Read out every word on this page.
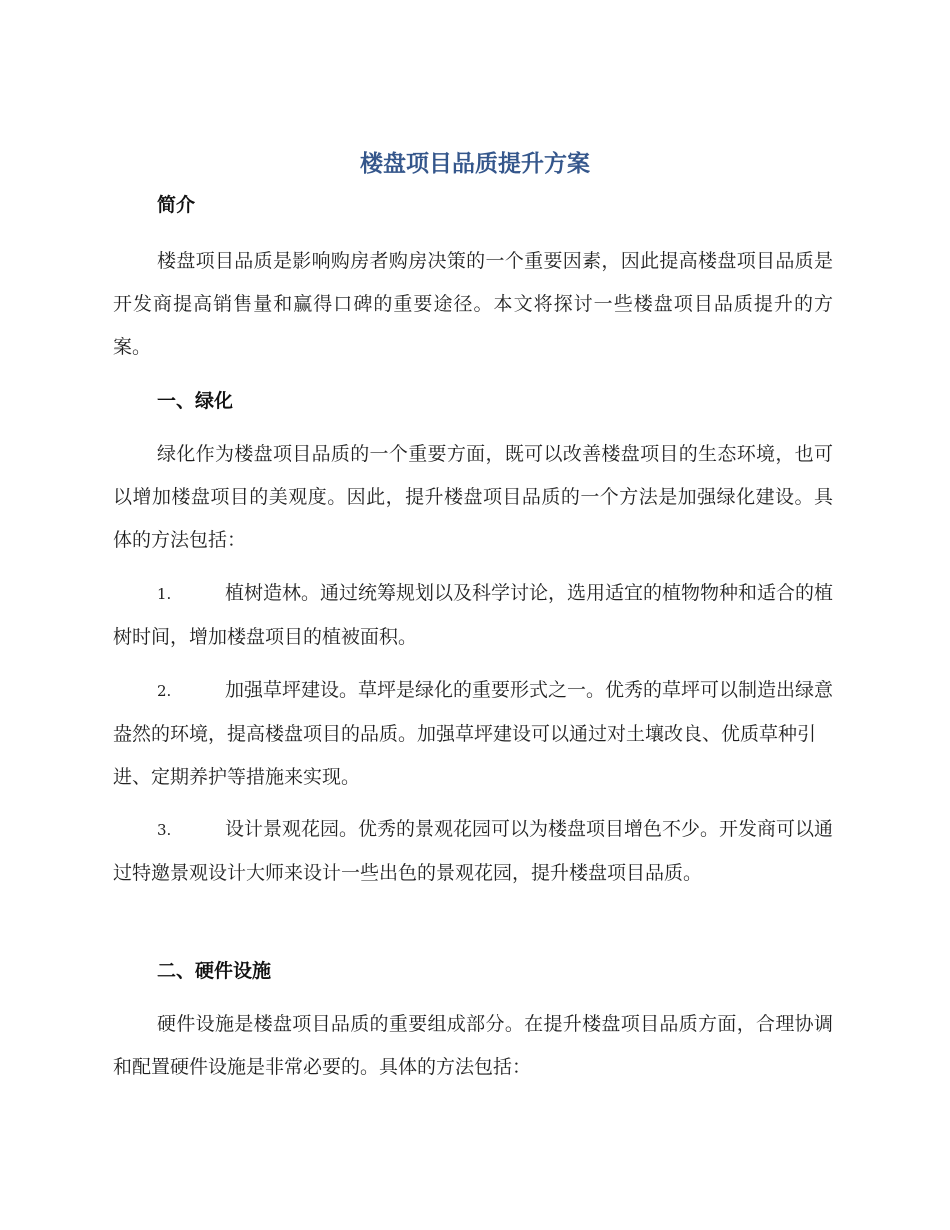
楼盘项目品质提升方案
简介

楼盘项目品质是影响购房者购房决策的一个重要因素，因此提高楼盘项目品质是开发商提高销售量和赢得口碑的重要途径。本文将探讨一些楼盘项目品质提升的方案。

一、绿化

绿化作为楼盘项目品质的一个重要方面，既可以改善楼盘项目的生态环境，也可以增加楼盘项目的美观度。因此，提升楼盘项目品质的一个方法是加强绿化建设。具体的方法包括：

1.	植树造林。通过统筹规划以及科学讨论，选用适宜的植物物种和适合的植树时间，增加楼盘项目的植被面积。

2.	加强草坪建设。草坪是绿化的重要形式之一。优秀的草坪可以制造出绿意盎然的环境，提高楼盘项目的品质。加强草坪建设可以通过对土壤改良、优质草种引进、定期养护等措施来实现。

3.	设计景观花园。优秀的景观花园可以为楼盘项目增色不少。开发商可以通过特邀景观设计大师来设计一些出色的景观花园，提升楼盘项目品质。

二、硬件设施

硬件设施是楼盘项目品质的重要组成部分。在提升楼盘项目品质方面，合理协调和配置硬件设施是非常必要的。具体的方法包括：
